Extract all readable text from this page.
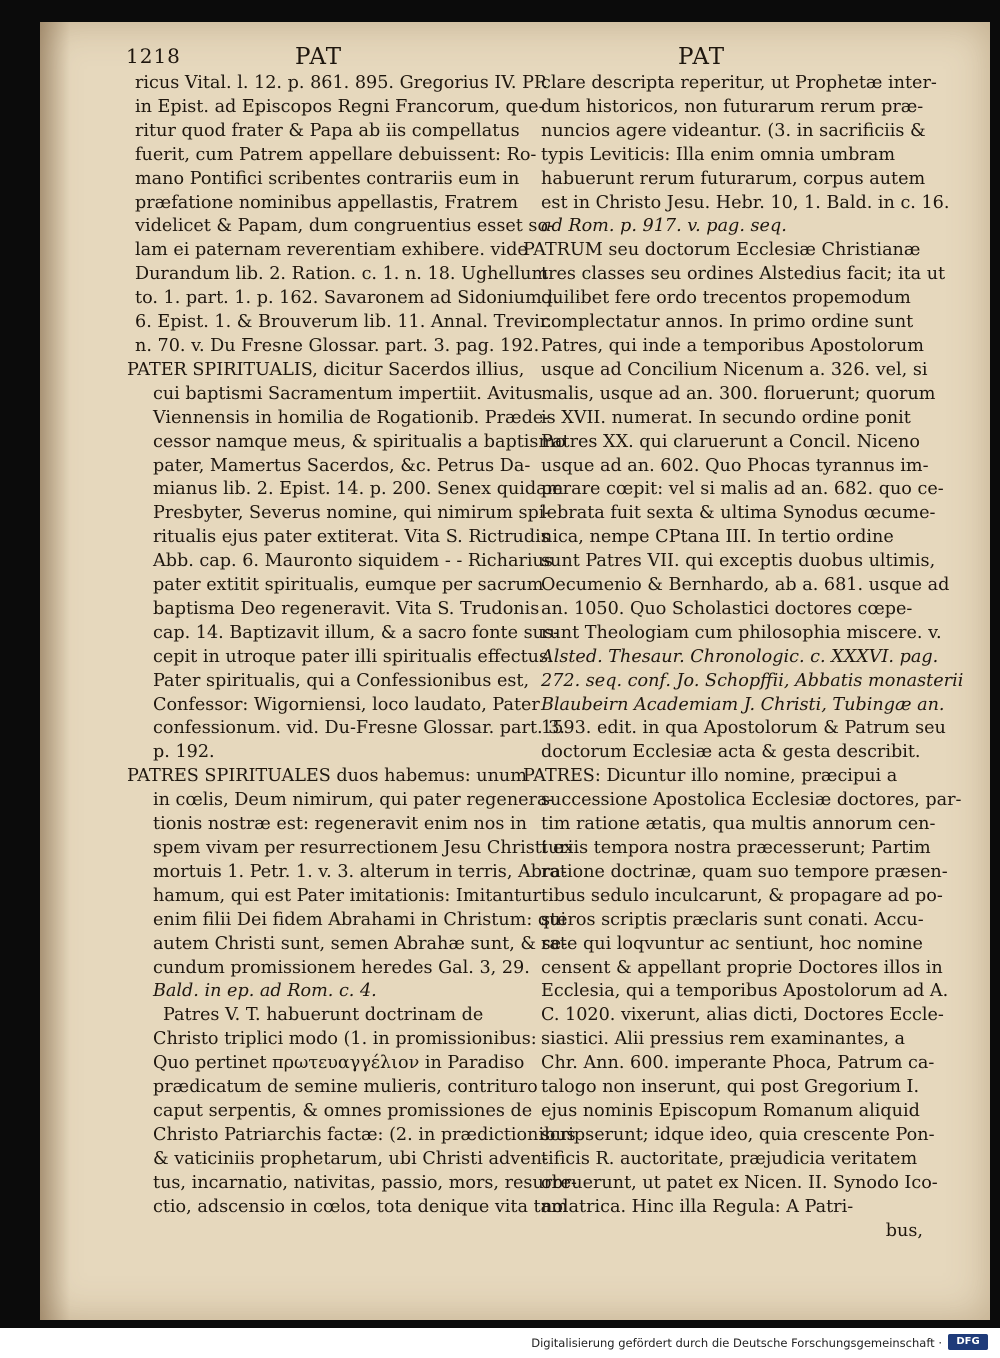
1218	PAT	PAT
ricus Vital. l. 12. p. 861. 895. Gregorius IV. PP.
in Epist. ad Episcopos Regni Francorum, que-
ritur quod frater & Papa ab iis compellatus
fuerit, cum Patrem appellare debuissent: Ro-
mano Pontifici scribentes contrariis eum in
præfatione nominibus appellastis, Fratrem
videlicet & Papam, dum congruentius esset so-
lam ei paternam reverentiam exhibere. vide
Durandum lib. 2. Ration. c. 1. n. 18. Ughellum
to. 1. part. 1. p. 162. Savaronem ad Sidonium l.
6. Epist. 1. & Brouverum lib. 11. Annal. Trevir.
n. 70. v. Du Fresne Glossar. part. 3. pag. 192.
PATER SPIRITUALIS, dicitur Sacerdos illius,
cui baptismi Sacramentum impertiit. Avitus
Viennensis in homilia de Rogationib. Præde-
cessor namque meus, & spiritualis a baptismo
pater, Mamertus Sacerdos, &c. Petrus Da-
mianus lib. 2. Epist. 14. p. 200. Senex quidam
Presbyter, Severus nomine, qui nimirum spi-
ritualis ejus pater extiterat. Vita S. Rictrudis
Abb. cap. 6. Mauronto siquidem - - Richarius
pater extitit spiritualis, eumque per sacrum
baptisma Deo regeneravit. Vita S. Trudonis
cap. 14. Baptizavit illum, & a sacro fonte sus-
cepit in utroque pater illi spiritualis effectus.
Pater spiritualis, qui a Confessionibus est,
Confessor: Wigorniensi, loco laudato, Pater
confessionum. vid. Du-Fresne Glossar. part. 3.
p. 192.
PATRES SPIRITUALES duos habemus: unum
in cœlis, Deum nimirum, qui pater regenera-
tionis nostræ est: regeneravit enim nos in
spem vivam per resurrectionem Jesu Christi ex
mortuis 1. Petr. 1. v. 3. alterum in terris, Abra-
hamum, qui est Pater imitationis: Imitantur
enim filii Dei fidem Abrahami in Christum: qui
autem Christi sunt, semen Abrahæ sunt, & se-
cundum promissionem heredes Gal. 3, 29.
Bald. in ep. ad Rom. c. 4.
Patres V. T. habuerunt doctrinam de
Christo triplici modo (1. in promissionibus:
Quo pertinet πρωτευαγγέλιον in Paradiso
prædicatum de semine mulieris, contrituro
caput serpentis, & omnes promissiones de
Christo Patriarchis factæ: (2. in prædictionibus
& vaticiniis prophetarum, ubi Christi adven-
tus, incarnatio, nativitas, passio, mors, resurre-
ctio, adscensio in cœlos, tota denique vita tam
clare descripta reperitur, ut Prophetæ inter-
dum historicos, non futurarum rerum præ-
nuncios agere videantur. (3. in sacrificiis &
typis Leviticis: Illa enim omnia umbram
habuerunt rerum futurarum, corpus autem
est in Christo Jesu. Hebr. 10, 1. Bald. in c. 16.
ad Rom. p. 917. v. pag. seq.
PATRUM seu doctorum Ecclesiæ Christianæ
tres classes seu ordines Alstedius facit; ita ut
quilibet fere ordo trecentos propemodum
complectatur annos. In primo ordine sunt
Patres, qui inde a temporibus Apostolorum
usque ad Concilium Nicenum a. 326. vel, si
malis, usque ad an. 300. floruerunt; quorum
is XVII. numerat. In secundo ordine ponit
Patres XX. qui claruerunt a Concil. Niceno
usque ad an. 602. Quo Phocas tyrannus im-
perare cœpit: vel si malis ad an. 682. quo ce-
lebrata fuit sexta & ultima Synodus œcume-
nica, nempe CPtana III. In tertio ordine
sunt Patres VII. qui exceptis duobus ultimis,
Oecumenio & Bernhardo, ab a. 681. usque ad
an. 1050. Quo Scholastici doctores cœpe-
runt Theologiam cum philosophia miscere. v.
Alsted. Thesaur. Chronologic. c. XXXVI. pag.
272. seq. conf. Jo. Schopffii, Abbatis monasterii
Blaubeirn Academiam J. Christi, Tubingæ an.
1593. edit. in qua Apostolorum & Patrum seu
doctorum Ecclesiæ acta & gesta describit.
PATRES: Dicuntur illo nomine, præcipui a
successione Apostolica Ecclesiæ doctores, par-
tim ratione ætatis, qua multis annorum cen-
turiis tempora nostra præcesserunt; Partim
ratione doctrinæ, quam suo tempore præsen-
tibus sedulo inculcarunt, & propagare ad po-
steros scriptis præclaris sunt conati. Accu-
rate qui loqvuntur ac sentiunt, hoc nomine
censent & appellant proprie Doctores illos in
Ecclesia, qui a temporibus Apostolorum ad A.
C. 1020. vixerunt, alias dicti, Doctores Eccle-
siastici. Alii pressius rem examinantes, a
Chr. Ann. 600. imperante Phoca, Patrum ca-
talogo non inserunt, qui post Gregorium I.
ejus nominis Episcopum Romanum aliquid
scripserunt; idque ideo, quia crescente Pon-
tificis R. auctoritate, præjudicia veritatem
obruerunt, ut patet ex Nicen. II. Synodo Ico-
nolatrica. Hinc illa Regula: A Patri-
bus,
Digitalisierung gefördert durch die Deutsche Forschungsgemeinschaft ·	DFG
